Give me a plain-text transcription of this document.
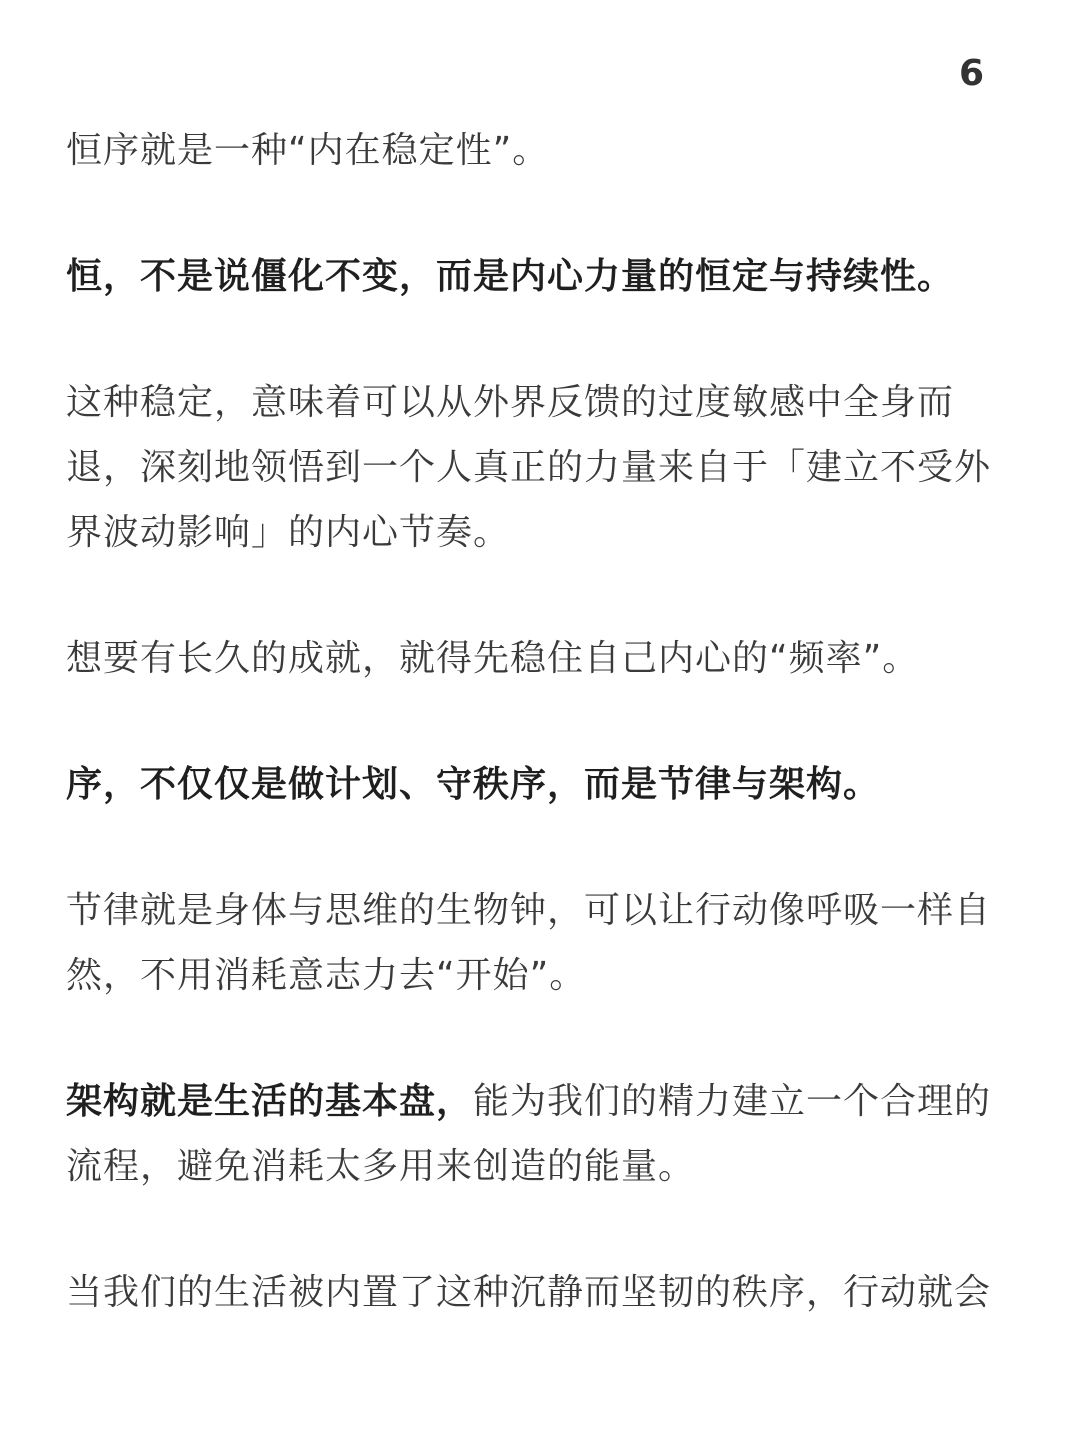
6

恒序就是一种“内在稳定性”。

恒，不是说僵化不变，而是内心力量的恒定与持续性。

这种稳定，意味着可以从外界反馈的过度敏感中全身而退，深刻地领悟到一个人真正的力量来自于「建立不受外界波动影响」的内心节奏。

想要有长久的成就，就得先稳住自己内心的“频率”。

序，不仅仅是做计划、守秩序，而是节律与架构。

节律就是身体与思维的生物钟，可以让行动像呼吸一样自然，不用消耗意志力去“开始”。

架构就是生活的基本盘，能为我们的精力建立一个合理的流程，避免消耗太多用来创造的能量。

当我们的生活被内置了这种沉静而坚韧的秩序，行动就会
